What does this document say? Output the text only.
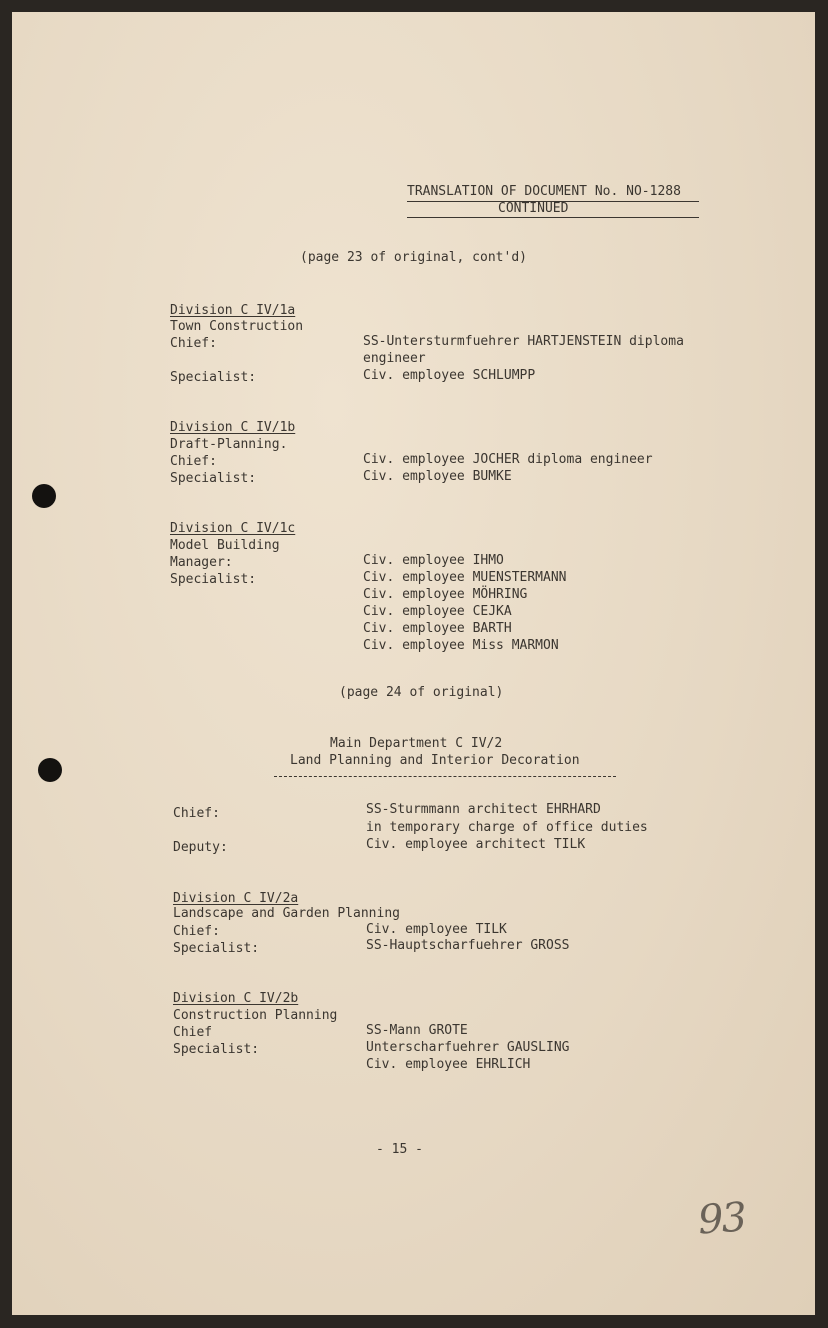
TRANSLATION OF DOCUMENT No. NO-1288
CONTINUED
(page 23 of original, cont'd)
Division C IV/1a
Town Construction
Chief:	SS-Untersturmfuehrer HARTJENSTEIN diploma
engineer
Specialist:	Civ. employee SCHLUMPP
Division C IV/1b
Draft-Planning.
Chief:	Civ. employee JOCHER diploma engineer
Specialist:	Civ. employee BUMKE
Division C IV/1c
Model Building
Manager:	Civ. employee IHMO
Specialist:	Civ. employee MUENSTERMANN
Civ. employee MÖHRING
Civ. employee CEJKA
Civ. employee BARTH
Civ. employee Miss MARMON
(page 24 of original)
Main Department C IV/2
Land Planning and Interior Decoration
Chief:	SS-Sturmmann architect EHRHARD
in temporary charge of office duties
Deputy:	Civ. employee architect TILK
Division C IV/2a
Landscape and Garden Planning
Chief:	Civ. employee TILK
Specialist:	SS-Hauptscharfuehrer GROSS
Division C IV/2b
Construction Planning
Chief	SS-Mann GROTE
Specialist:	Unterscharfuehrer GAUSLING
Civ. employee EHRLICH
- 15 -
93
